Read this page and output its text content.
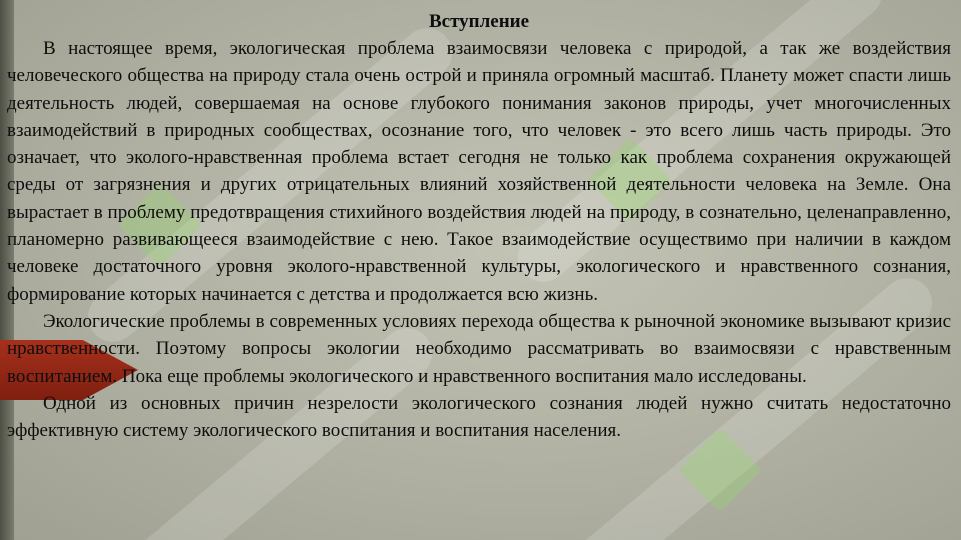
Вступление

В настоящее время, экологическая проблема взаимосвязи человека с природой, а так же воздействия человеческого общества на природу стала очень острой и приняла огромный масштаб. Планету может спасти лишь деятельность людей, совершаемая на основе глубокого понимания законов природы, учет многочисленных взаимодействий в природных сообществах, осознание того, что человек - это всего лишь часть природы. Это означает, что эколого-нравственная проблема встает сегодня не только как проблема сохранения окружающей среды от загрязнения и других отрицательных влияний хозяйственной деятельности человека на Земле. Она вырастает в проблему предотвращения стихийного воздействия людей на природу, в сознательно, целенаправленно, планомерно развивающееся взаимодействие с нею. Такое взаимодействие осуществимо при наличии в каждом человеке достаточного уровня эколого-нравственной культуры, экологического и нравственного сознания, формирование которых начинается с детства и продолжается всю жизнь.

Экологические проблемы в современных условиях перехода общества к рыночной экономике вызывают кризис нравственности. Поэтому вопросы экологии необходимо рассматривать во взаимосвязи с нравственным воспитанием. Пока еще проблемы экологического и нравственного воспитания мало исследованы.

Одной из основных причин незрелости экологического сознания людей нужно считать недостаточно эффективную систему экологического воспитания и воспитания населения.
